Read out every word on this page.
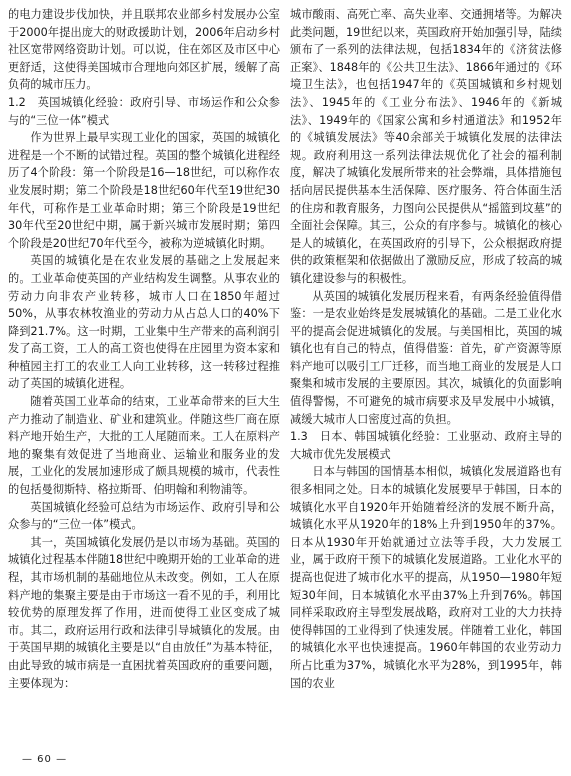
的电力建设步伐加快，并且联邦农业部乡村发展办公室于2000年提出庞大的财政援助计划，2006年启动乡村社区宽带网络资助计划。可以说，住在郊区及市区中心更舒适，这使得美国城市合理地向郊区扩展，缓解了高负荷的城市压力。

1.2　英国城镇化经验：政府引导、市场运作和公众参与的“三位一体”模式

作为世界上最早实现工业化的国家，英国的城镇化进程是一个不断的试错过程。英国的整个城镇化进程经历了4个阶段：第一个阶段是16—18世纪，可以称作农业发展时期；第二个阶段是18世纪60年代至19世纪30年代，可称作是工业革命时期；第三个阶段是19世纪30年代至20世纪中期，属于新兴城市发展时期；第四个阶段是20世纪70年代至今，被称为逆城镇化时期。

英国的城镇化是在农业发展的基础之上发展起来的。工业革命使英国的产业结构发生调整。从事农业的劳动力向非农产业转移，城市人口在1850年超过50%，从事农林牧渔业的劳动力从占总人口的40%下降到21.7%。这一时期，工业集中生产带来的高利润引发了高工资，工人的高工资也使得在庄园里为资本家和种植园主打工的农业工人向工业转移，这一转移过程推动了英国的城镇化进程。

随着英国工业革命的结束，工业革命带来的巨大生产力推动了制造业、矿业和建筑业。伴随这些厂商在原料产地开始生产，大批的工人尾随而来。工人在原料产地的聚集有效促进了当地商业、运输业和服务业的发展，工业化的发展加速形成了颇具规模的城市，代表性的包括曼彻斯特、格拉斯哥、伯明翰和利物浦等。

英国城镇化经验可总结为市场运作、政府引导和公众参与的“三位一体”模式。

其一，英国城镇化发展仍是以市场为基础。英国的城镇化过程基本伴随18世纪中晚期开始的工业革命的进程，其市场机制的基础地位从未改变。例如，工人在原料产地的集聚主要是由于市场这一看不见的手，利用比较优势的原理发挥了作用，进而使得工业区变成了城市。其二，政府运用行政和法律引导城镇化的发展。由于英国早期的城镇化主要是以“自由放任”为基本特征，由此导致的城市病是一直困扰着英国政府的重要问题，主要体现为：

城市酸雨、高死亡率、高失业率、交通拥堵等。为解决此类问题，19世纪以来，英国政府开始加强引导，陆续颁布了一系列的法律法规，包括1834年的《济贫法修正案》、1848年的《公共卫生法》、1866年通过的《环境卫生法》，也包括1947年的《英国城镇和乡村规划法》、1945年的《工业分布法》、1946年的《新城法》、1949年的《国家公寓和乡村通道法》和1952年的《城镇发展法》等40余部关于城镇化发展的法律法规。政府利用这一系列法律法规优化了社会的福利制度，解决了城镇化发展所带来的社会弊端，具体措施包括向居民提供基本生活保障、医疗服务、符合体面生活的住房和教育服务，力图向公民提供从“摇篮到坟墓”的全面社会保障。其三，公众的有序参与。城镇化的核心是人的城镇化，在英国政府的引导下，公众根据政府提供的政策框架和依据做出了激励反应，形成了较高的城镇化建设参与的积极性。

从英国的城镇化发展历程来看，有两条经验值得借鉴：一是农业始终是发展城镇化的基础。二是工业化水平的提高会促进城镇化的发展。与美国相比，英国的城镇化也有自己的特点，值得借鉴：首先，矿产资源等原料产地可以吸引工厂迁移，而当地工商业的发展是人口聚集和城市发展的主要原因。其次，城镇化的负面影响值得警惕，不可避免的城市病要求及早发展中小城镇，减缓大城市人口密度过高的负担。

1.3　日本、韩国城镇化经验：工业驱动、政府主导的大城市优先发展模式

日本与韩国的国情基本相似，城镇化发展道路也有很多相同之处。日本的城镇化发展要早于韩国，日本的城镇化水平自1920年开始随着经济的发展不断升高，城镇化水平从1920年的18%上升到1950年的37%。日本从1930年开始就通过立法等手段，大力发展工业，属于政府干预下的城镇化发展道路。工业化水平的提高也促进了城市化水平的提高，从1950—1980年短短30年间，日本城镇化水平由37%上升到76%。韩国同样采取政府主导型发展战略，政府对工业的大力扶持使得韩国的工业得到了快速发展。伴随着工业化，韩国的城镇化水平也快速提高。1960年韩国的农业劳动力所占比重为37%，城镇化水平为28%，到1995年，韩国的农业

— 60 —
